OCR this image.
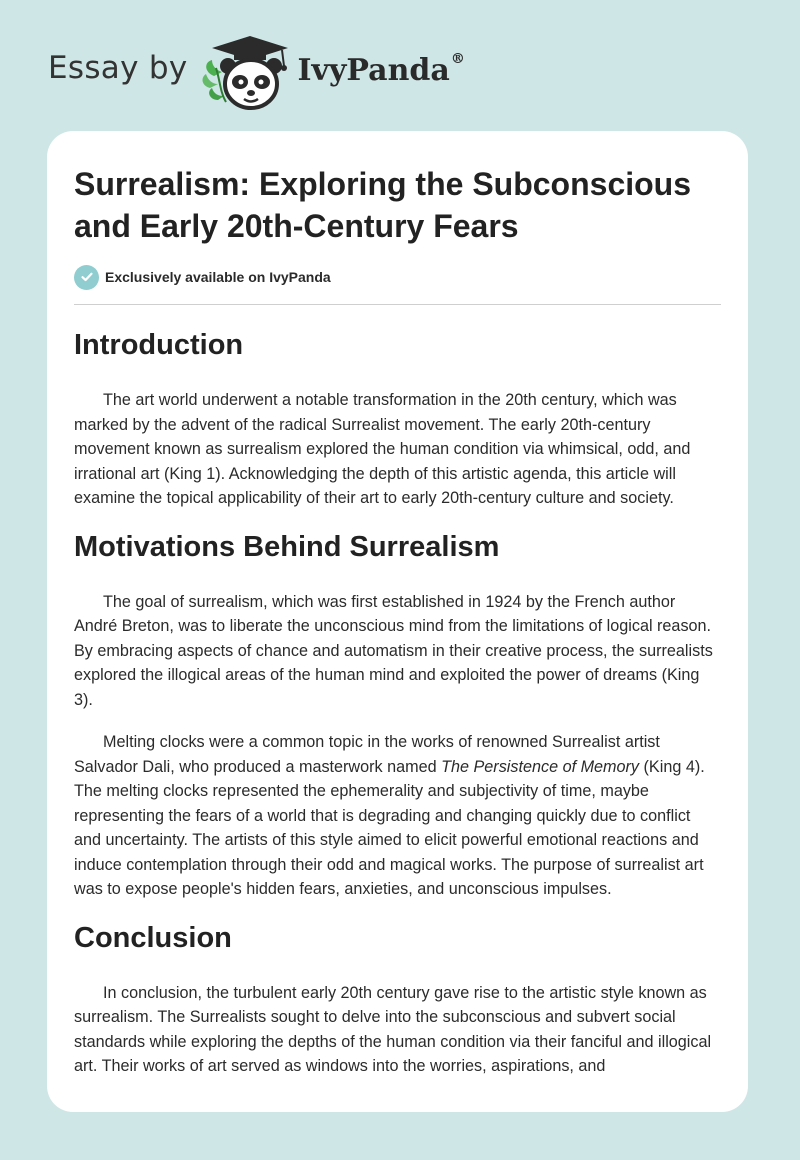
Essay by	IvyPanda®
Surrealism: Exploring the Subconscious and Early 20th-Century Fears
Exclusively available on IvyPanda
Introduction

The art world underwent a notable transformation in the 20th century, which was marked by the advent of the radical Surrealist movement. The early 20th-century movement known as surrealism explored the human condition via whimsical, odd, and irrational art (King 1). Acknowledging the depth of this artistic agenda, this article will examine the topical applicability of their art to early 20th-century culture and society.

Motivations Behind Surrealism

The goal of surrealism, which was first established in 1924 by the French author André Breton, was to liberate the unconscious mind from the limitations of logical reason. By embracing aspects of chance and automatism in their creative process, the surrealists explored the illogical areas of the human mind and exploited the power of dreams (King 3).

Melting clocks were a common topic in the works of renowned Surrealist artist Salvador Dali, who produced a masterwork named The Persistence of Memory (King 4). The melting clocks represented the ephemerality and subjectivity of time, maybe representing the fears of a world that is degrading and changing quickly due to conflict and uncertainty. The artists of this style aimed to elicit powerful emotional reactions and induce contemplation through their odd and magical works. The purpose of surrealist art was to expose people's hidden fears, anxieties, and unconscious impulses.

Conclusion

In conclusion, the turbulent early 20th century gave rise to the artistic style known as surrealism. The Surrealists sought to delve into the subconscious and subvert social standards while exploring the depths of the human condition via their fanciful and illogical art. Their works of art served as windows into the worries, aspirations, and
